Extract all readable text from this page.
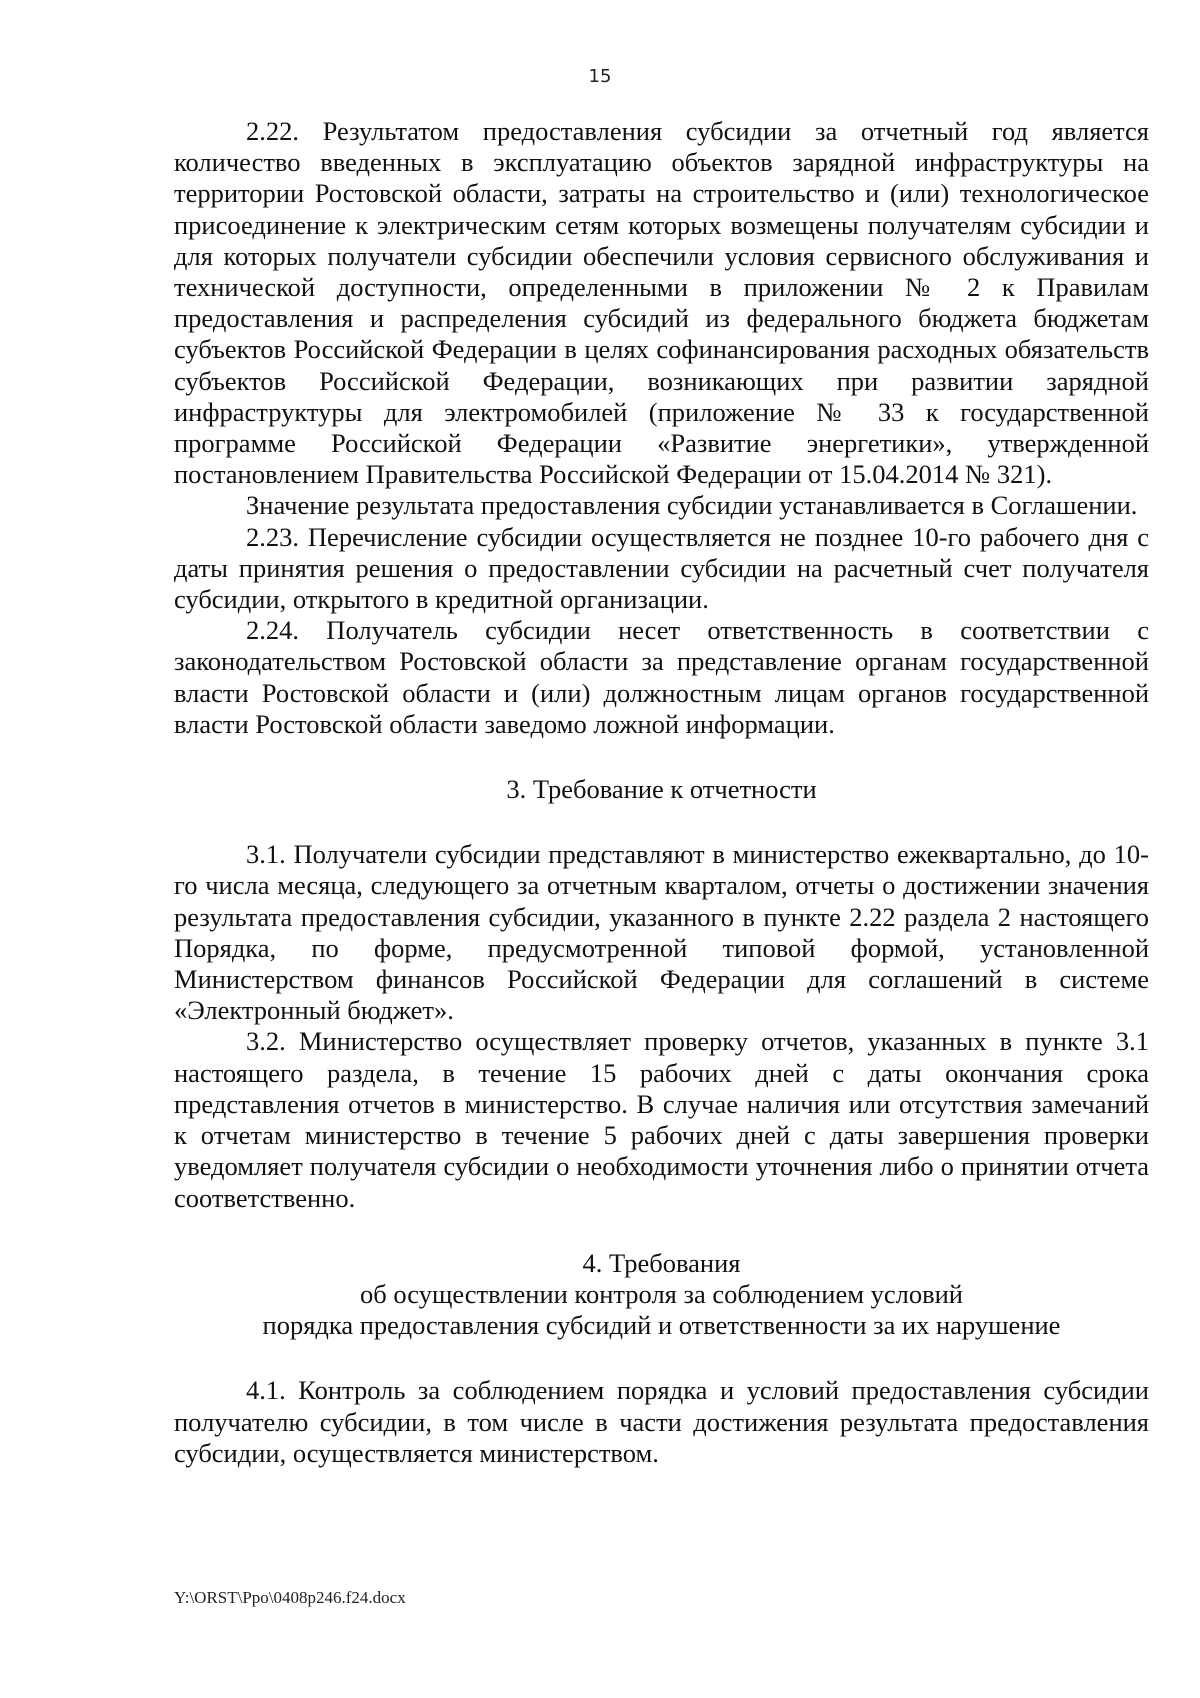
15

2.22. Результатом предоставления субсидии за отчетный год является количество введенных в эксплуатацию объектов зарядной инфраструктуры на территории Ростовской области, затраты на строительство и (или) технологическое присоединение к электрическим сетям которых возмещены получателям субсидии и для которых получатели субсидии обеспечили условия сервисного обслуживания и технической доступности, определенными в приложении № 2 к Правилам предоставления и распределения субсидий из федерального бюджета бюджетам субъектов Российской Федерации в целях софинансирования расходных обязательств субъектов Российской Федерации, возникающих при развитии зарядной инфраструктуры для электромобилей (приложение № 33 к государственной программе Российской Федерации «Развитие энергетики», утвержденной постановлением Правительства Российской Федерации от 15.04.2014 № 321).

Значение результата предоставления субсидии устанавливается в Соглашении.

2.23. Перечисление субсидии осуществляется не позднее 10-го рабочего дня с даты принятия решения о предоставлении субсидии на расчетный счет получателя субсидии, открытого в кредитной организации.

2.24. Получатель субсидии несет ответственность в соответствии с законодательством Ростовской области за представление органам государственной власти Ростовской области и (или) должностным лицам органов государственной власти Ростовской области заведомо ложной информации.

3. Требование к отчетности

3.1. Получатели субсидии представляют в министерство ежеквартально, до 10-го числа месяца, следующего за отчетным кварталом, отчеты о достижении значения результата предоставления субсидии, указанного в пункте 2.22 раздела 2 настоящего Порядка, по форме, предусмотренной типовой формой, установленной Министерством финансов Российской Федерации для соглашений в системе «Электронный бюджет».

3.2. Министерство осуществляет проверку отчетов, указанных в пункте 3.1 настоящего раздела, в течение 15 рабочих дней с даты окончания срока представления отчетов в министерство. В случае наличия или отсутствия замечаний к отчетам министерство в течение 5 рабочих дней с даты завершения проверки уведомляет получателя субсидии о необходимости уточнения либо о принятии отчета соответственно.

4. Требования

об осуществлении контроля за соблюдением условий

порядка предоставления субсидий и ответственности за их нарушение

4.1. Контроль за соблюдением порядка и условий предоставления субсидии получателю субсидии, в том числе в части достижения результата предоставления субсидии, осуществляется министерством.

Y:\ORST\Ppo\0408p246.f24.docx
